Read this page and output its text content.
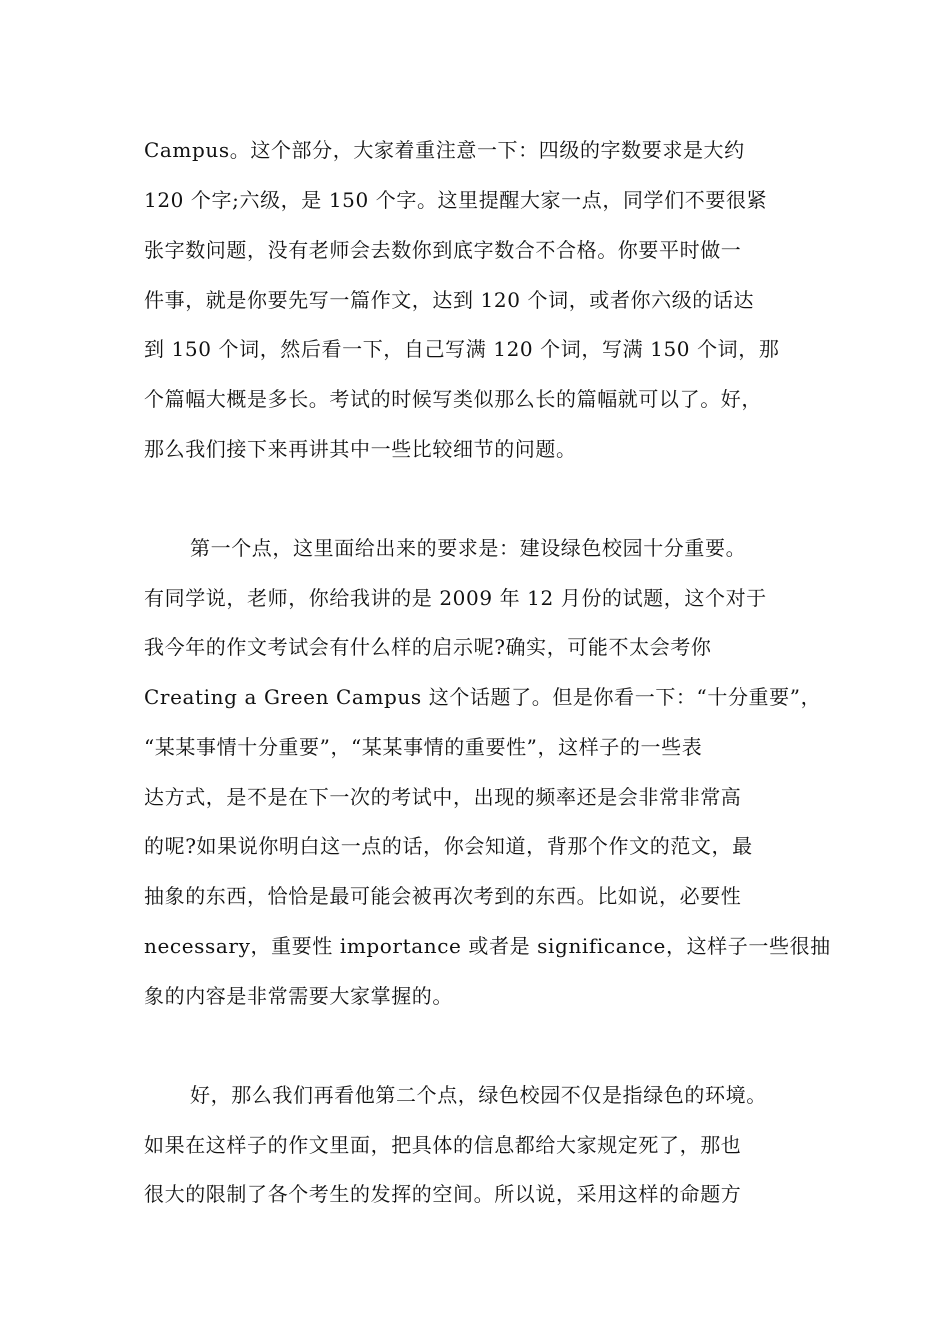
Campus。这个部分，大家着重注意一下：四级的字数要求是大约
120 个字;六级，是 150 个字。这里提醒大家一点，同学们不要很紧
张字数问题，没有老师会去数你到底字数合不合格。你要平时做一
件事，就是你要先写一篇作文，达到 120 个词，或者你六级的话达
到 150 个词，然后看一下，自己写满 120 个词，写满 150 个词，那
个篇幅大概是多长。考试的时候写类似那么长的篇幅就可以了。好，
那么我们接下来再讲其中一些比较细节的问题。
第一个点，这里面给出来的要求是：建设绿色校园十分重要。
有同学说，老师，你给我讲的是 2009 年 12 月份的试题，这个对于
我今年的作文考试会有什么样的启示呢?确实，可能不太会考你
Creating a Green Campus 这个话题了。但是你看一下：“十分重要”，
“某某事情十分重要”，“某某事情的重要性”，这样子的一些表
达方式，是不是在下一次的考试中，出现的频率还是会非常非常高
的呢?如果说你明白这一点的话，你会知道，背那个作文的范文，最
抽象的东西，恰恰是最可能会被再次考到的东西。比如说，必要性
necessary，重要性 importance 或者是 significance，这样子一些很抽
象的内容是非常需要大家掌握的。
好，那么我们再看他第二个点，绿色校园不仅是指绿色的环境。
如果在这样子的作文里面，把具体的信息都给大家规定死了，那也
很大的限制了各个考生的发挥的空间。所以说，采用这样的命题方
